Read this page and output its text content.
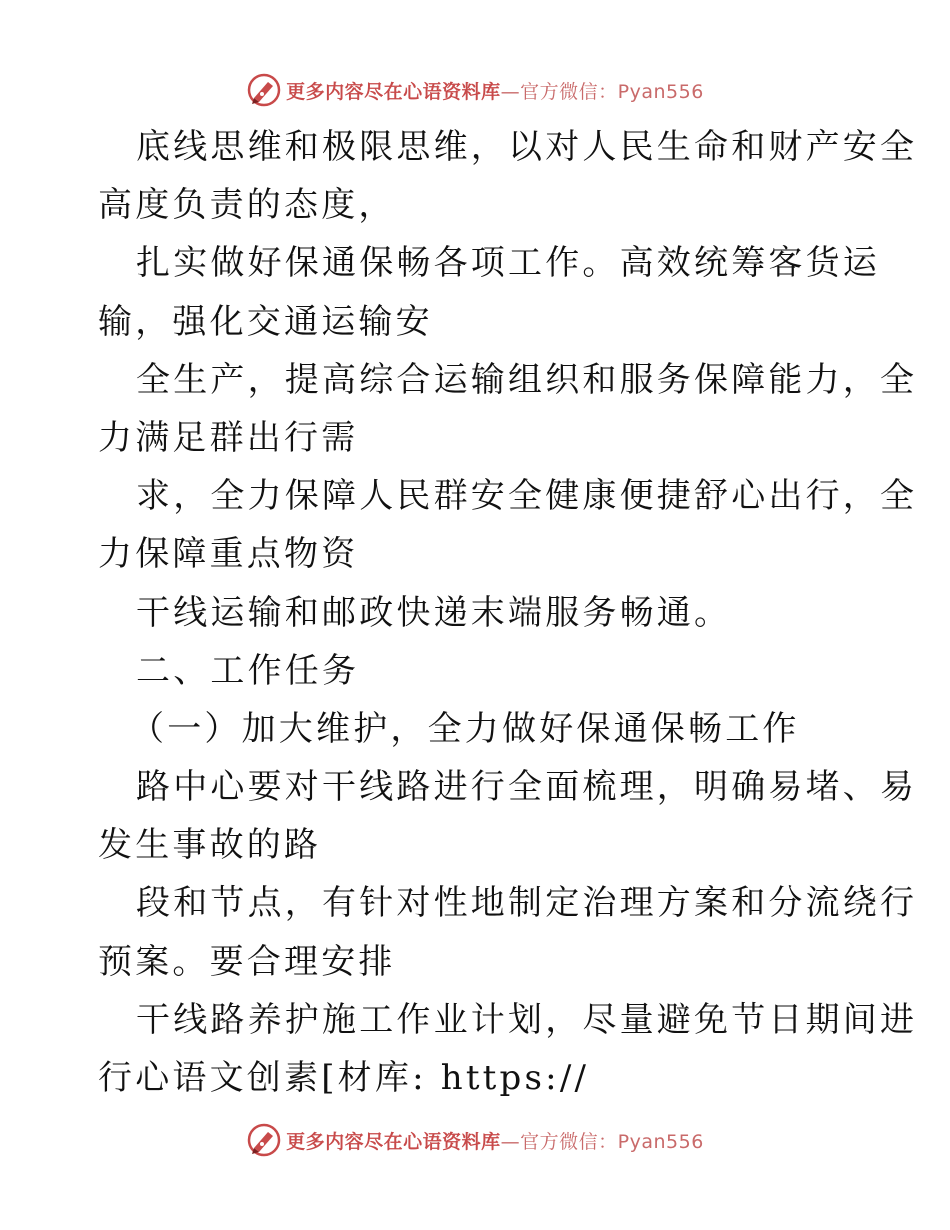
更多内容尽在心语资料库—官方微信：Pyan556
底线思维和极限思维，以对人民生命和财产安全
高度负责的态度，
扎实做好保通保畅各项工作。高效统筹客货运
输，强化交通运输安
全生产，提高综合运输组织和服务保障能力，全
力满足群出行需
求，全力保障人民群安全健康便捷舒心出行，全
力保障重点物资
干线运输和邮政快递末端服务畅通。
二、工作任务
（一）加大维护，全力做好保通保畅工作
路中心要对干线路进行全面梳理，明确易堵、易
发生事故的路
段和节点，有针对性地制定治理方案和分流绕行
预案。要合理安排
干线路养护施工作业计划，尽量避免节日期间进
行心语文创素[材库: https://
更多内容尽在心语资料库—官方微信：Pyan556
